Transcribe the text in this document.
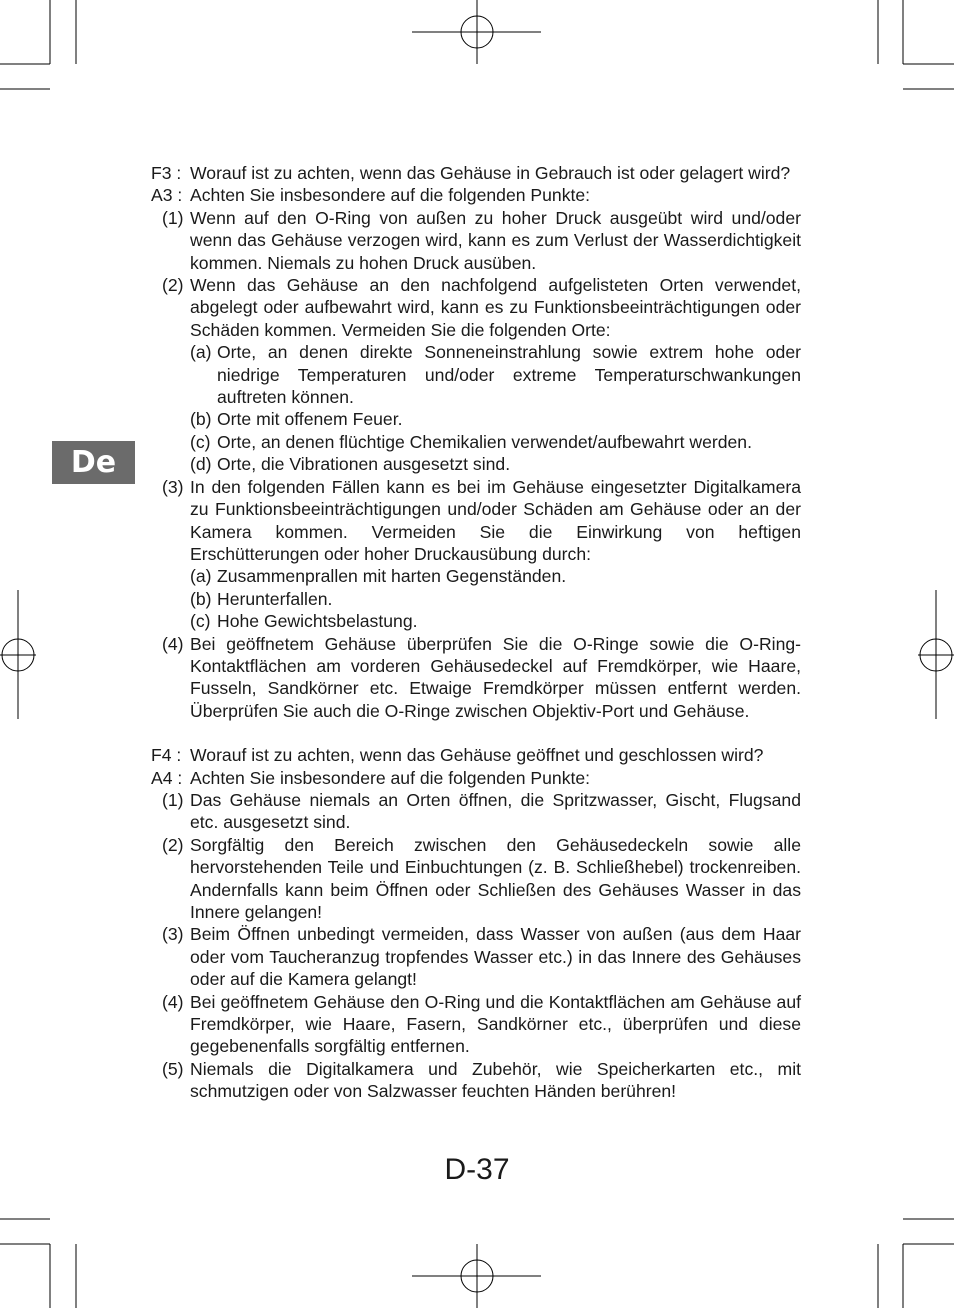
De
F3 : Worauf ist zu achten, wenn das Gehäuse in Gebrauch ist oder gelagert wird?
A3 : Achten Sie insbesondere auf die folgenden Punkte:
(1) Wenn auf den O-Ring von außen zu hoher Druck ausgeübt wird und/oder wenn das Gehäuse verzogen wird, kann es zum Verlust der Wasserdichtigkeit kommen. Niemals zu hohen Druck ausüben.
(2) Wenn das Gehäuse an den nachfolgend aufgelisteten Orten verwendet, abgelegt oder aufbewahrt wird, kann es zu Funktionsbeeinträchtigungen oder Schäden kommen. Vermeiden Sie die folgenden Orte:
(a) Orte, an denen direkte Sonneneinstrahlung sowie extrem hohe oder niedrige Temperaturen und/oder extreme Temperaturschwankungen auftreten können.
(b) Orte mit offenem Feuer.
(c) Orte, an denen flüchtige Chemikalien verwendet/aufbewahrt werden.
(d) Orte, die Vibrationen ausgesetzt sind.
(3) In den folgenden Fällen kann es bei im Gehäuse eingesetzter Digitalkamera zu Funktionsbeeinträchtigungen und/oder Schäden am Gehäuse oder an der Kamera kommen. Vermeiden Sie die Einwirkung von heftigen Erschütterungen oder hoher Druckausübung durch:
(a) Zusammenprallen mit harten Gegenständen.
(b) Herunterfallen.
(c) Hohe Gewichtsbelastung.
(4) Bei geöffnetem Gehäuse überprüfen Sie die O-Ringe sowie die O-Ring-Kontaktflächen am vorderen Gehäusedeckel auf Fremdkörper, wie Haare, Fusseln, Sandkörner etc. Etwaige Fremdkörper müssen entfernt werden. Überprüfen Sie auch die O-Ringe zwischen Objektiv-Port und Gehäuse.
F4 : Worauf ist zu achten, wenn das Gehäuse geöffnet und geschlossen wird?
A4 : Achten Sie insbesondere auf die folgenden Punkte:
(1) Das Gehäuse niemals an Orten öffnen, die Spritzwasser, Gischt, Flugsand etc. ausgesetzt sind.
(2) Sorgfältig den Bereich zwischen den Gehäusedeckeln sowie alle hervorstehenden Teile und Einbuchtungen (z. B. Schließhebel) trockenreiben. Andernfalls kann beim Öffnen oder Schließen des Gehäuses Wasser in das Innere gelangen!
(3) Beim Öffnen unbedingt vermeiden, dass Wasser von außen (aus dem Haar oder vom Taucheranzug tropfendes Wasser etc.) in das Innere des Gehäuses oder auf die Kamera gelangt!
(4) Bei geöffnetem Gehäuse den O-Ring und die Kontaktflächen am Gehäuse auf Fremdkörper, wie Haare, Fasern, Sandkörner etc., überprüfen und diese gegebenenfalls sorgfältig entfernen.
(5) Niemals die Digitalkamera und Zubehör, wie Speicherkarten etc., mit schmutzigen oder von Salzwasser feuchten Händen berühren!
D-37
